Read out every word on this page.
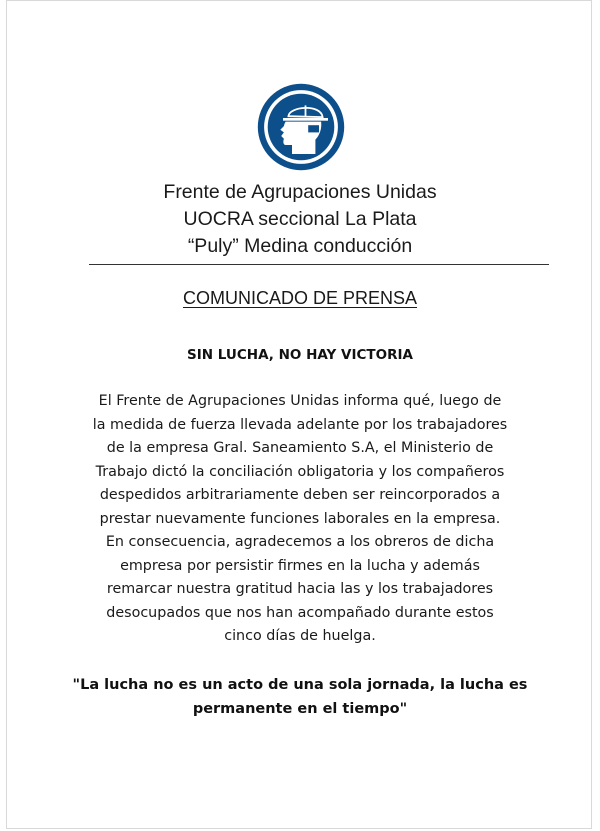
Frente de Agrupaciones Unidas
UOCRA seccional La Plata
“Puly” Medina conducción
COMUNICADO DE PRENSA
SIN LUCHA, NO HAY VICTORIA
El Frente de Agrupaciones Unidas informa qué, luego de
la medida de fuerza llevada adelante por los trabajadores
de la empresa Gral. Saneamiento S.A, el Ministerio de
Trabajo dictó la conciliación obligatoria y los compañeros
despedidos arbitrariamente deben ser reincorporados a
prestar nuevamente funciones laborales en la empresa.
En consecuencia, agradecemos a los obreros de dicha
empresa por persistir firmes en la lucha y además
remarcar nuestra gratitud hacia las y los trabajadores
desocupados que nos han acompañado durante estos
cinco días de huelga.
"La lucha no es un acto de una sola jornada, la lucha es
permanente en el tiempo"
